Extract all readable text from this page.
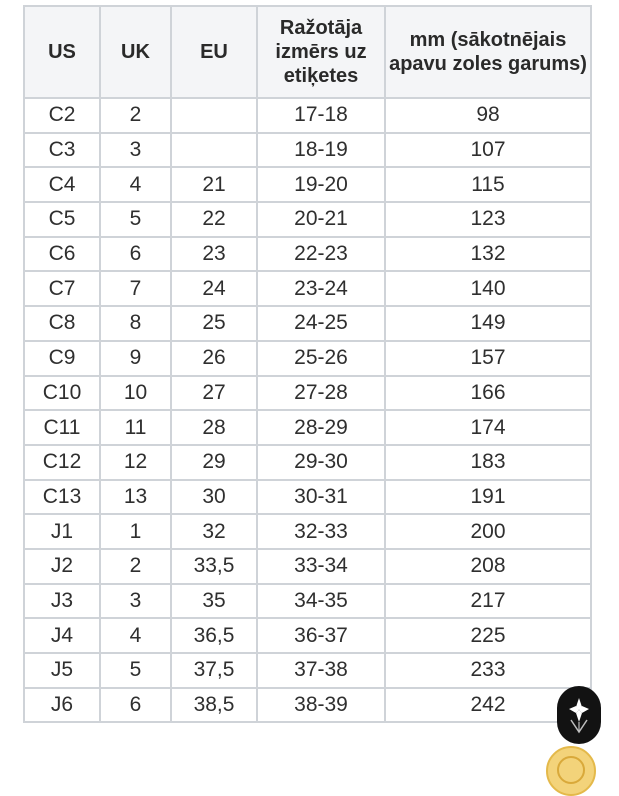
US	UK	EU	Ražotāja izmērs uz etiķetes	mm (sākotnējais apavu zoles garums)
C2	2		17-18	98
C3	3		18-19	107
C4	4	21	19-20	115
C5	5	22	20-21	123
C6	6	23	22-23	132
C7	7	24	23-24	140
C8	8	25	24-25	149
C9	9	26	25-26	157
C10	10	27	27-28	166
C11	11	28	28-29	174
C12	12	29	29-30	183
C13	13	30	30-31	191
J1	1	32	32-33	200
J2	2	33,5	33-34	208
J3	3	35	34-35	217
J4	4	36,5	36-37	225
J5	5	37,5	37-38	233
J6	6	38,5	38-39	242
